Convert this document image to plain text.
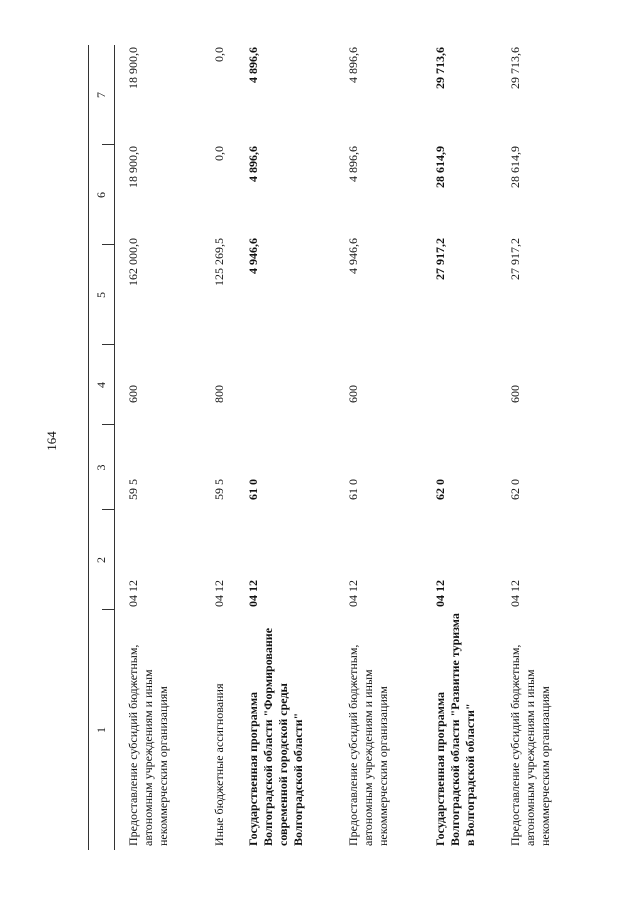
164
1
2
3
4
5
6
7
Предоставление субсидий бюджетным, автономным учреждениям и иным некоммерческим организациям
04 12
59 5
600
162 000,0
18 900,0
18 900,0
Иные бюджетные ассигнования
04 12
59 5
800
125 269,5
0,0
0,0
Государственная программа Волгоградской области "Формирование современной городской среды Волгоградской области"
04 12
61 0
4 946,6
4 896,6
4 896,6
Предоставление субсидий бюджетным, автономным учреждениям и иным некоммерческим организациям
04 12
61 0
600
4 946,6
4 896,6
4 896,6
Государственная программа Волгоградской области "Развитие туризма в Волгоградской области"
04 12
62 0
27 917,2
28 614,9
29 713,6
Предоставление субсидий бюджетным, автономным учреждениям и иным некоммерческим организациям
04 12
62 0
600
27 917,2
28 614,9
29 713,6
